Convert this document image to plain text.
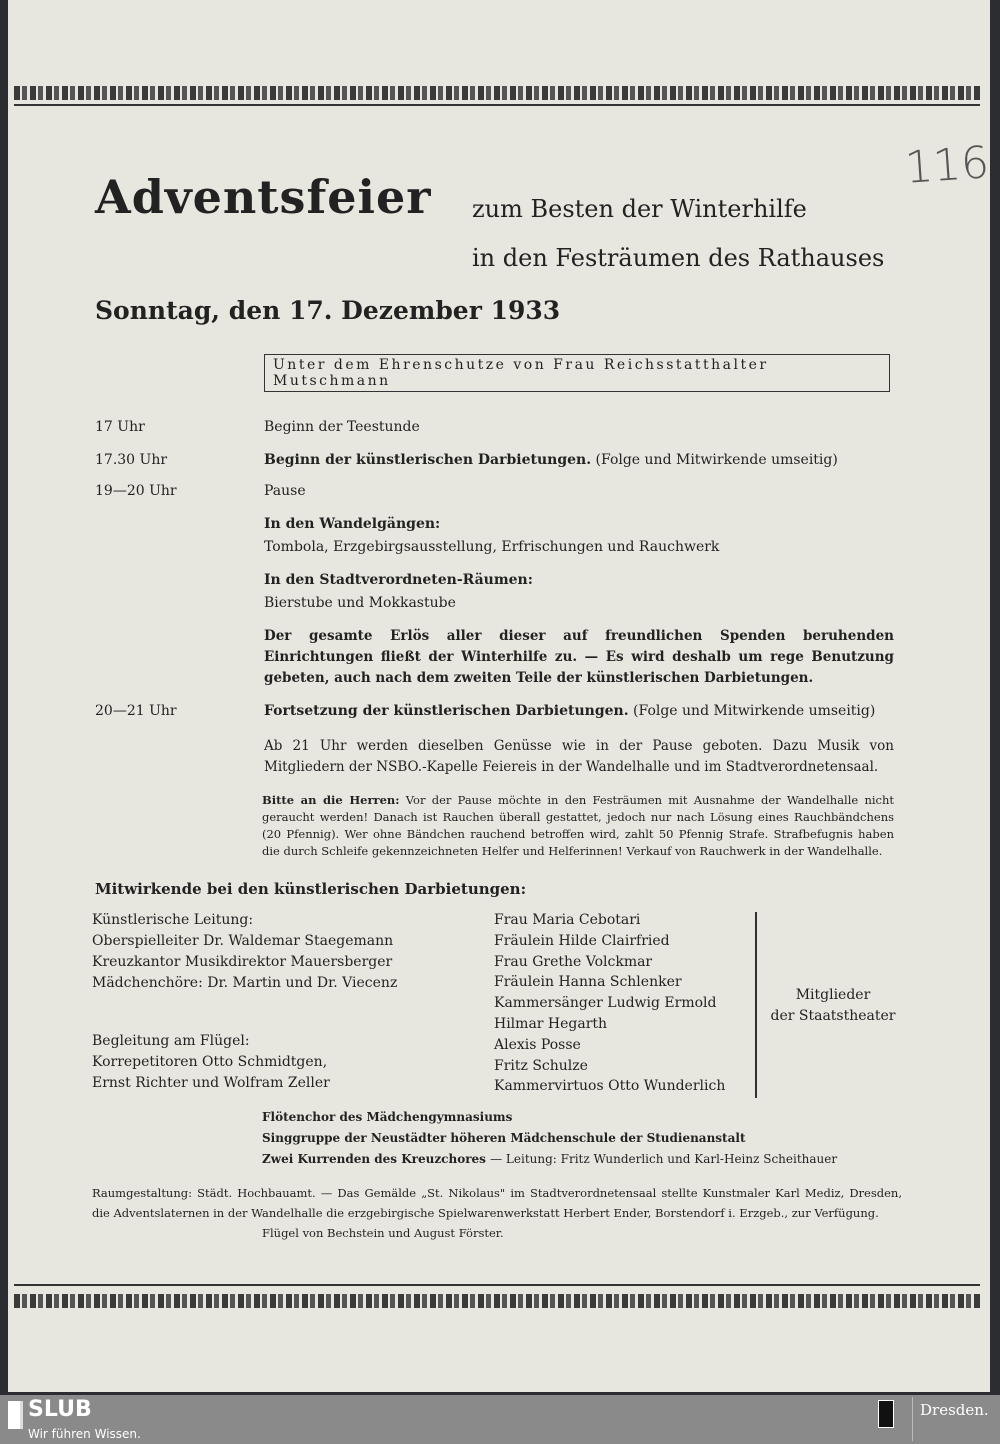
116
Adventsfeier zum Besten der Winterhilfe
in den Festräumen des Rathauses
Sonntag, den 17. Dezember 1933
Unter dem Ehrenschutze von Frau Reichsstatthalter Mutschmann
17 Uhr	Beginn der Teestunde
17.30 Uhr	Beginn der künstlerischen Darbietungen. (Folge und Mitwirkende umseitig)
19—20 Uhr	Pause
In den Wandelgängen:
Tombola, Erzgebirgsausstellung, Erfrischungen und Rauchwerk
In den Stadtverordneten-Räumen:
Bierstube und Mokkastube
Der gesamte Erlös aller dieser auf freundlichen Spenden beruhenden Einrichtungen fließt der Winterhilfe zu. — Es wird deshalb um rege Benutzung gebeten, auch nach dem zweiten Teile der künstlerischen Darbietungen.
20—21 Uhr	Fortsetzung der künstlerischen Darbietungen. (Folge und Mitwirkende umseitig)
Ab 21 Uhr werden dieselben Genüsse wie in der Pause geboten. Dazu Musik von Mitgliedern der NSBO.-Kapelle Feiereis in der Wandelhalle und im Stadtverordnetensaal.
Bitte an die Herren: Vor der Pause möchte in den Festräumen mit Ausnahme der Wandelhalle nicht geraucht werden! Danach ist Rauchen überall gestattet, jedoch nur nach Lösung eines Rauchbändchens (20 Pfennig). Wer ohne Bändchen rauchend betroffen wird, zahlt 50 Pfennig Strafe. Strafbefugnis haben die durch Schleife gekennzeichneten Helfer und Helferinnen! Verkauf von Rauchwerk in der Wandelhalle.
Mitwirkende bei den künstlerischen Darbietungen:
Künstlerische Leitung:
Oberspielleiter Dr. Waldemar Staegemann
Kreuzkantor Musikdirektor Mauersberger
Mädchenchöre: Dr. Martin und Dr. Viecenz
Begleitung am Flügel:
Korrepetitoren Otto Schmidtgen,
Ernst Richter und Wolfram Zeller
Frau Maria Cebotari
Fräulein Hilde Clairfried
Frau Grethe Volckmar
Fräulein Hanna Schlenker
Kammersänger Ludwig Ermold
Hilmar Hegarth
Alexis Posse
Fritz Schulze
Kammervirtuos Otto Wunderlich
Mitglieder
der Staatstheater
Flötenchor des Mädchengymnasiums
Singgruppe der Neustädter höheren Mädchenschule der Studienanstalt
Zwei Kurrenden des Kreuzchores — Leitung: Fritz Wunderlich und Karl-Heinz Scheithauer
Raumgestaltung: Städt. Hochbauamt. — Das Gemälde „St. Nikolaus" im Stadtverordnetensaal stellte Kunstmaler Karl Mediz, Dresden, die Adventslaternen in der Wandelhalle die erzgebirgische Spielwarenwerkstatt Herbert Ender, Borstendorf i. Erzgeb., zur Verfügung.
Flügel von Bechstein und August Förster.
SLUB
Wir führen Wissen.
Dresden.
